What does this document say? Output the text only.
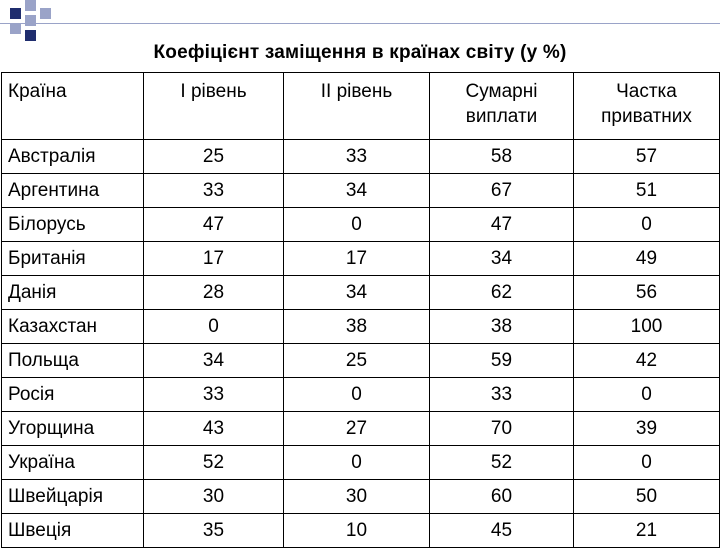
Коефіцієнт заміщення в країнах світу (у %)
Країна	I рівень	II рівень	Сумарні виплати	Частка приватних
Австралія	25	33	58	57
Аргентина	33	34	67	51
Білорусь	47	0	47	0
Британія	17	17	34	49
Данія	28	34	62	56
Казахстан	0	38	38	100
Польща	34	25	59	42
Росія	33	0	33	0
Угорщина	43	27	70	39
Україна	52	0	52	0
Швейцарія	30	30	60	50
Швеція	35	10	45	21
